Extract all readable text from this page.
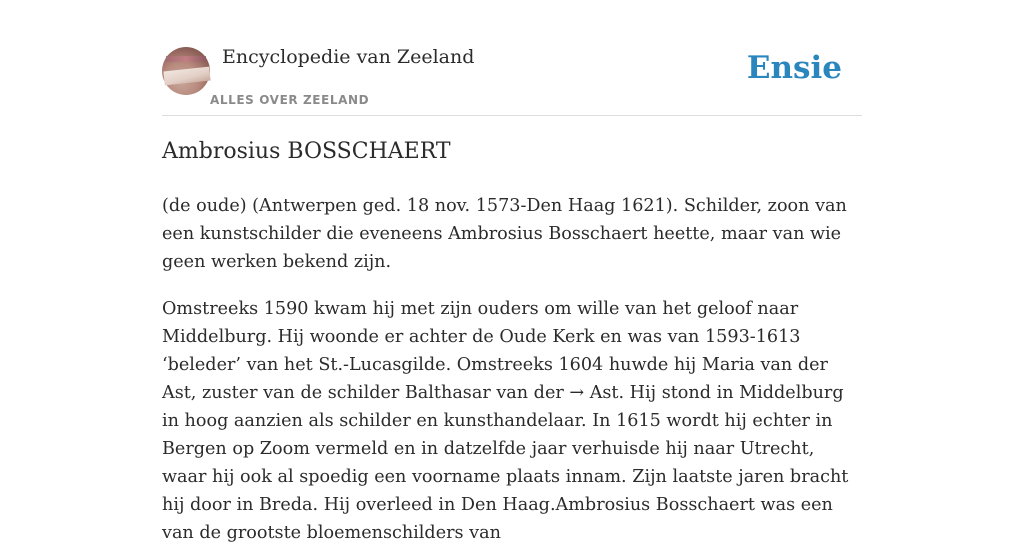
Encyclopedie van Zeeland
ALLES OVER ZEELAND
Ensie
Ambrosius BOSSCHAERT

(de oude) (Antwerpen ged. 18 nov. 1573-Den Haag 1621). Schilder, zoon van een kunstschilder die eveneens Ambrosius Bosschaert heette, maar van wie geen werken bekend zijn.

Omstreeks 1590 kwam hij met zijn ouders om wille van het geloof naar Middelburg. Hij woonde er achter de Oude Kerk en was van 1593-1613 ‘beleder’ van het St.-Lucasgilde. Omstreeks 1604 huwde hij Maria van der Ast, zuster van de schilder Balthasar van der → Ast. Hij stond in Middelburg in hoog aanzien als schilder en kunsthandelaar. In 1615 wordt hij echter in Bergen op Zoom vermeld en in datzelfde jaar verhuisde hij naar Utrecht, waar hij ook al spoedig een voorname plaats innam. Zijn laatste jaren bracht hij door in Breda. Hij overleed in Den Haag.Ambrosius Bosschaert was een van de grootste bloemenschilders van
